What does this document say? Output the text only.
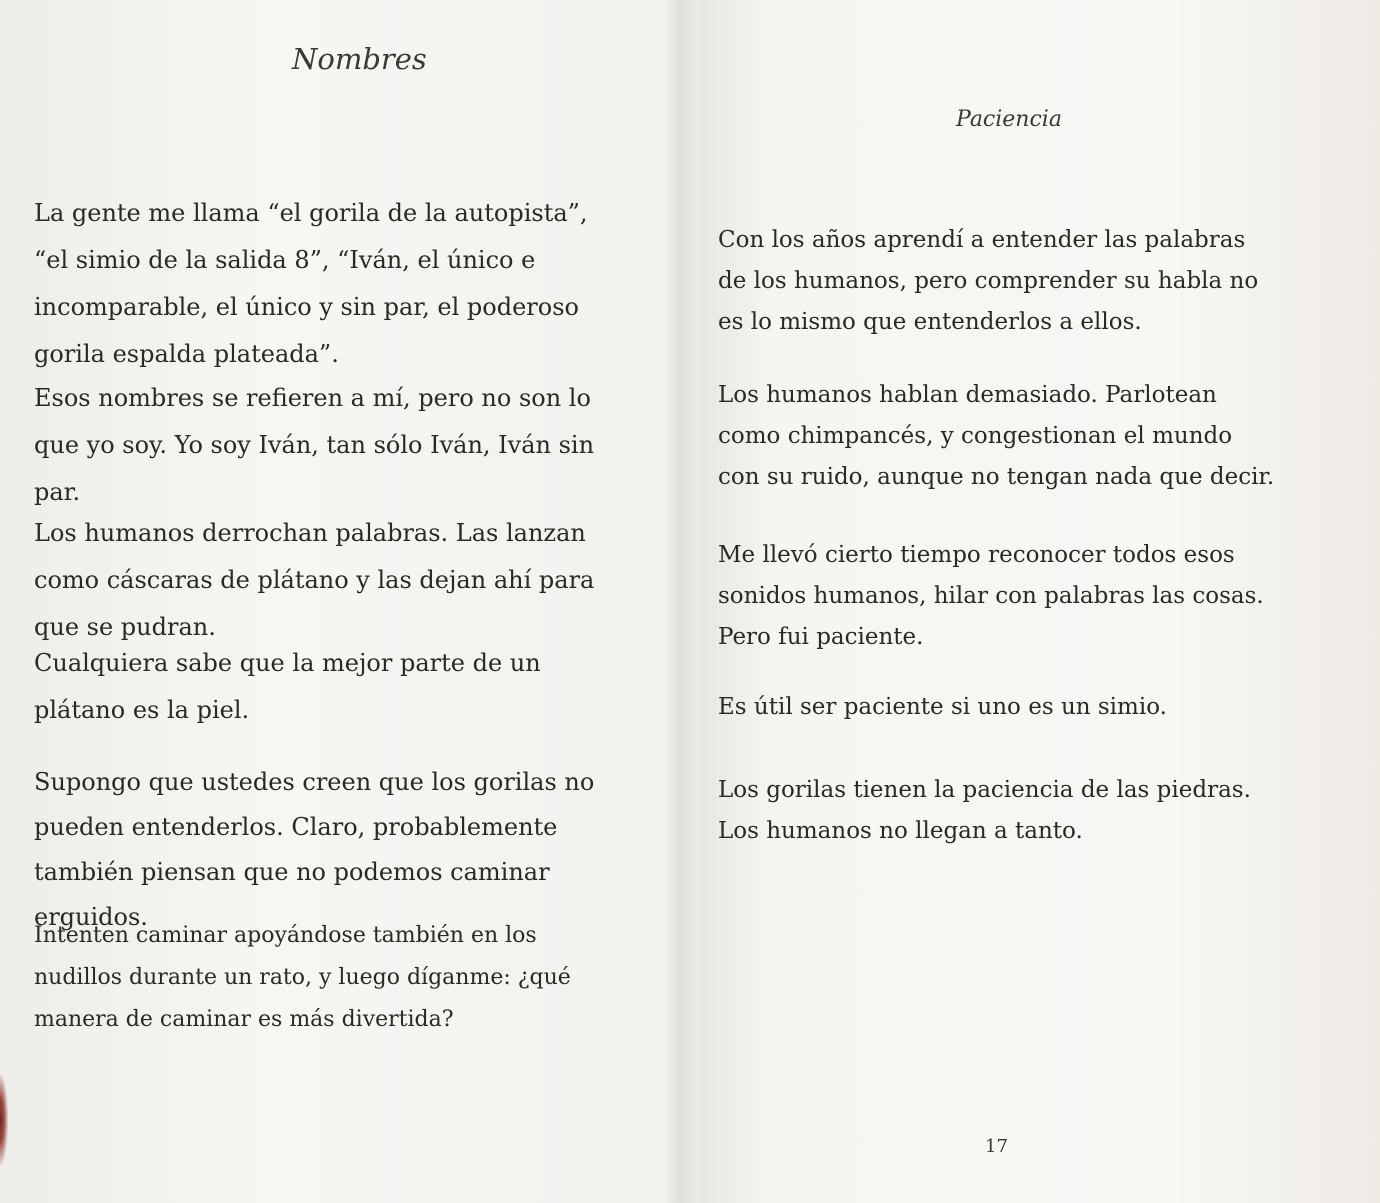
Nombres

La gente me llama “el gorila de la autopista”, “el simio de la salida 8”, “Iván, el único e incomparable, el único y sin par, el poderoso gorila espalda plateada”.

Esos nombres se refieren a mí, pero no son lo que yo soy. Yo soy Iván, tan sólo Iván, Iván sin par.

Los humanos derrochan palabras. Las lanzan como cáscaras de plátano y las dejan ahí para que se pudran.

Cualquiera sabe que la mejor parte de un plátano es la piel.

Supongo que ustedes creen que los gorilas no pueden entenderlos. Claro, probablemente también piensan que no podemos caminar erguidos.

Intenten caminar apoyándose también en los nudillos durante un rato, y luego díganme: ¿qué manera de caminar es más divertida?

Paciencia

Con los años aprendí a entender las palabras de los humanos, pero comprender su habla no es lo mismo que entenderlos a ellos.

Los humanos hablan demasiado. Parlotean como chimpancés, y congestionan el mundo con su ruido, aunque no tengan nada que decir.

Me llevó cierto tiempo reconocer todos esos sonidos humanos, hilar con palabras las cosas. Pero fui paciente.

Es útil ser paciente si uno es un simio.

Los gorilas tienen la paciencia de las piedras. Los humanos no llegan a tanto.

17
